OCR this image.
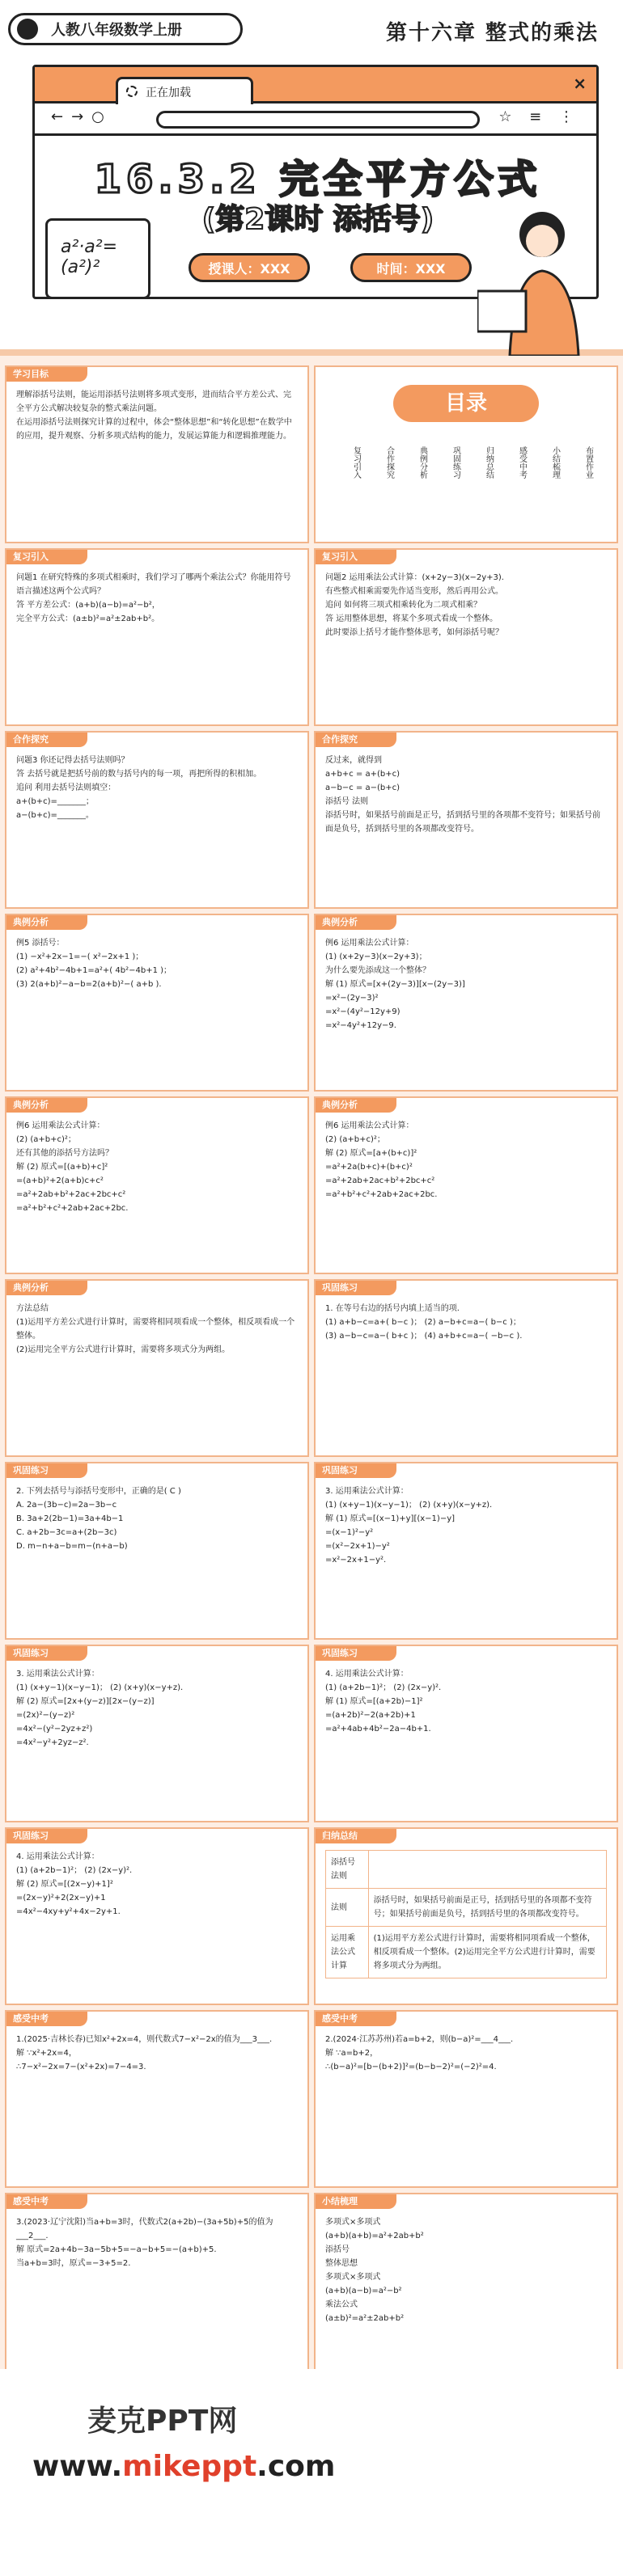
人教八年级数学上册	第十六章 整式的乘法
正在加载	×
←→○	☆ ≡ ⋮
16.3.2 完全平方公式
(第2课时 添括号)
授课人：XXX	时间：XXX
a²·a²=(a²)²
学习目标

理解添括号法则，能运用添括号法则将多项式变形，进而结合平方差公式、完全平方公式解决较复杂的整式乘法问题。

在运用添括号法则探究计算的过程中，体会“整体思想”和“转化思想”在数学中的应用，提升观察、分析多项式结构的能力，发展运算能力和逻辑推理能力。

目录
复习引入	合作探究	典例分析	巩固练习	归纳总结	感受中考	小结梳理	布置作业
复习引入

问题1 在研究特殊的多项式相乘时，我们学习了哪两个乘法公式？你能用符号语言描述这两个公式吗？

答 平方差公式：(a+b)(a−b)=a²−b²，

完全平方公式：(a±b)²=a²±2ab+b²。

复习引入

问题2 运用乘法公式计算：(x+2y−3)(x−2y+3).

有些整式相乘需要先作适当变形，然后再用公式。

追问 如何将三项式相乘转化为二项式相乘？

答 运用整体思想，将某个多项式看成一个整体。

此时要添上括号才能作整体思考，如何添括号呢？

合作探究

问题3 你还记得去括号法则吗？

答 去括号就是把括号前的数与括号内的每一项，再把所得的积相加。

追问 利用去括号法则填空：

a+(b+c)=_______；

a−(b+c)=_______。

合作探究

反过来，就得到

a+b+c = a+(b+c)

a−b−c = a−(b+c)

添括号 法则

添括号时，如果括号前面是正号，括到括号里的各项都不变符号；如果括号前面是负号，括到括号里的各项都改变符号。

典例分析

例5 添括号：

(1) −x²+2x−1=−( x²−2x+1 )；

(2) a²+4b²−4b+1=a²+( 4b²−4b+1 )；

(3) 2(a+b)²−a−b=2(a+b)²−( a+b ).

典例分析

例6 运用乘法公式计算：

(1) (x+2y−3)(x−2y+3)；

为什么要先添成这一个整体？

解 (1) 原式=[x+(2y−3)][x−(2y−3)]

=x²−(2y−3)²

=x²−(4y²−12y+9)

=x²−4y²+12y−9.

典例分析

例6 运用乘法公式计算：

(2) (a+b+c)²；

还有其他的添括号方法吗？

解 (2) 原式=[(a+b)+c]²

=(a+b)²+2(a+b)c+c²

=a²+2ab+b²+2ac+2bc+c²

=a²+b²+c²+2ab+2ac+2bc.

典例分析

例6 运用乘法公式计算：

(2) (a+b+c)²；

解 (2) 原式=[a+(b+c)]²

=a²+2a(b+c)+(b+c)²

=a²+2ab+2ac+b²+2bc+c²

=a²+b²+c²+2ab+2ac+2bc.

典例分析

方法总结

(1)运用平方差公式进行计算时，需要将相同项看成一个整体，相反项看成一个整体。

(2)运用完全平方公式进行计算时，需要将多项式分为两组。

巩固练习

1. 在等号右边的括号内填上适当的项.

(1) a+b−c=a+( b−c )； (2) a−b+c=a−( b−c )；

(3) a−b−c=a−( b+c )； (4) a+b+c=a−( −b−c ).

巩固练习

2. 下列去括号与添括号变形中，正确的是( C )

A. 2a−(3b−c)=2a−3b−c

B. 3a+2(2b−1)=3a+4b−1

C. a+2b−3c=a+(2b−3c)

D. m−n+a−b=m−(n+a−b)

巩固练习

3. 运用乘法公式计算：

(1) (x+y−1)(x−y−1)； (2) (x+y)(x−y+z).

解 (1) 原式=[(x−1)+y][(x−1)−y]

=(x−1)²−y²

=(x²−2x+1)−y²

=x²−2x+1−y².

巩固练习

3. 运用乘法公式计算：

(1) (x+y−1)(x−y−1)； (2) (x+y)(x−y+z).

解 (2) 原式=[2x+(y−z)][2x−(y−z)]

=(2x)²−(y−z)²

=4x²−(y²−2yz+z²)

=4x²−y²+2yz−z².

巩固练习

4. 运用乘法公式计算：

(1) (a+2b−1)²； (2) (2x−y)².

解 (1) 原式=[(a+2b)−1]²

=(a+2b)²−2(a+2b)+1

=a²+4ab+4b²−2a−4b+1.

巩固练习

4. 运用乘法公式计算：

(1) (a+2b−1)²； (2) (2x−y)².

解 (2) 原式=[(2x−y)+1]²

=(2x−y)²+2(2x−y)+1

=4x²−4xy+y²+4x−2y+1.

归纳总结
添括号法则	
法则	添括号时，如果括号前面是正号，括到括号里的各项都不变符号；如果括号前面是负号，括到括号里的各项都改变符号。
运用乘法公式计算	(1)运用平方差公式进行计算时，需要将相同项看成一个整体，相反项看成一个整体。(2)运用完全平方公式进行计算时，需要将多项式分为两组。
感受中考

1.(2025·吉林长春)已知x²+2x=4，则代数式7−x²−2x的值为___3___.

解 ∵x²+2x=4，

∴7−x²−2x=7−(x²+2x)=7−4=3.

感受中考

2.(2024·江苏苏州)若a=b+2，则(b−a)²=___4___.

解 ∵a=b+2，

∴(b−a)²=[b−(b+2)]²=(b−b−2)²=(−2)²=4.

感受中考

3.(2023·辽宁沈阳)当a+b=3时，代数式2(a+2b)−(3a+5b)+5的值为___2___.

解 原式=2a+4b−3a−5b+5=−a−b+5=−(a+b)+5.

当a+b=3时，原式=−3+5=2.

小结梳理

多项式×多项式

(a+b)(a+b)=a²+2ab+b²

添括号

整体思想

多项式×多项式

(a+b)(a−b)=a²−b²

乘法公式

(a±b)²=a²±2ab+b²

麦克PPT网
www.mikeppt.com
